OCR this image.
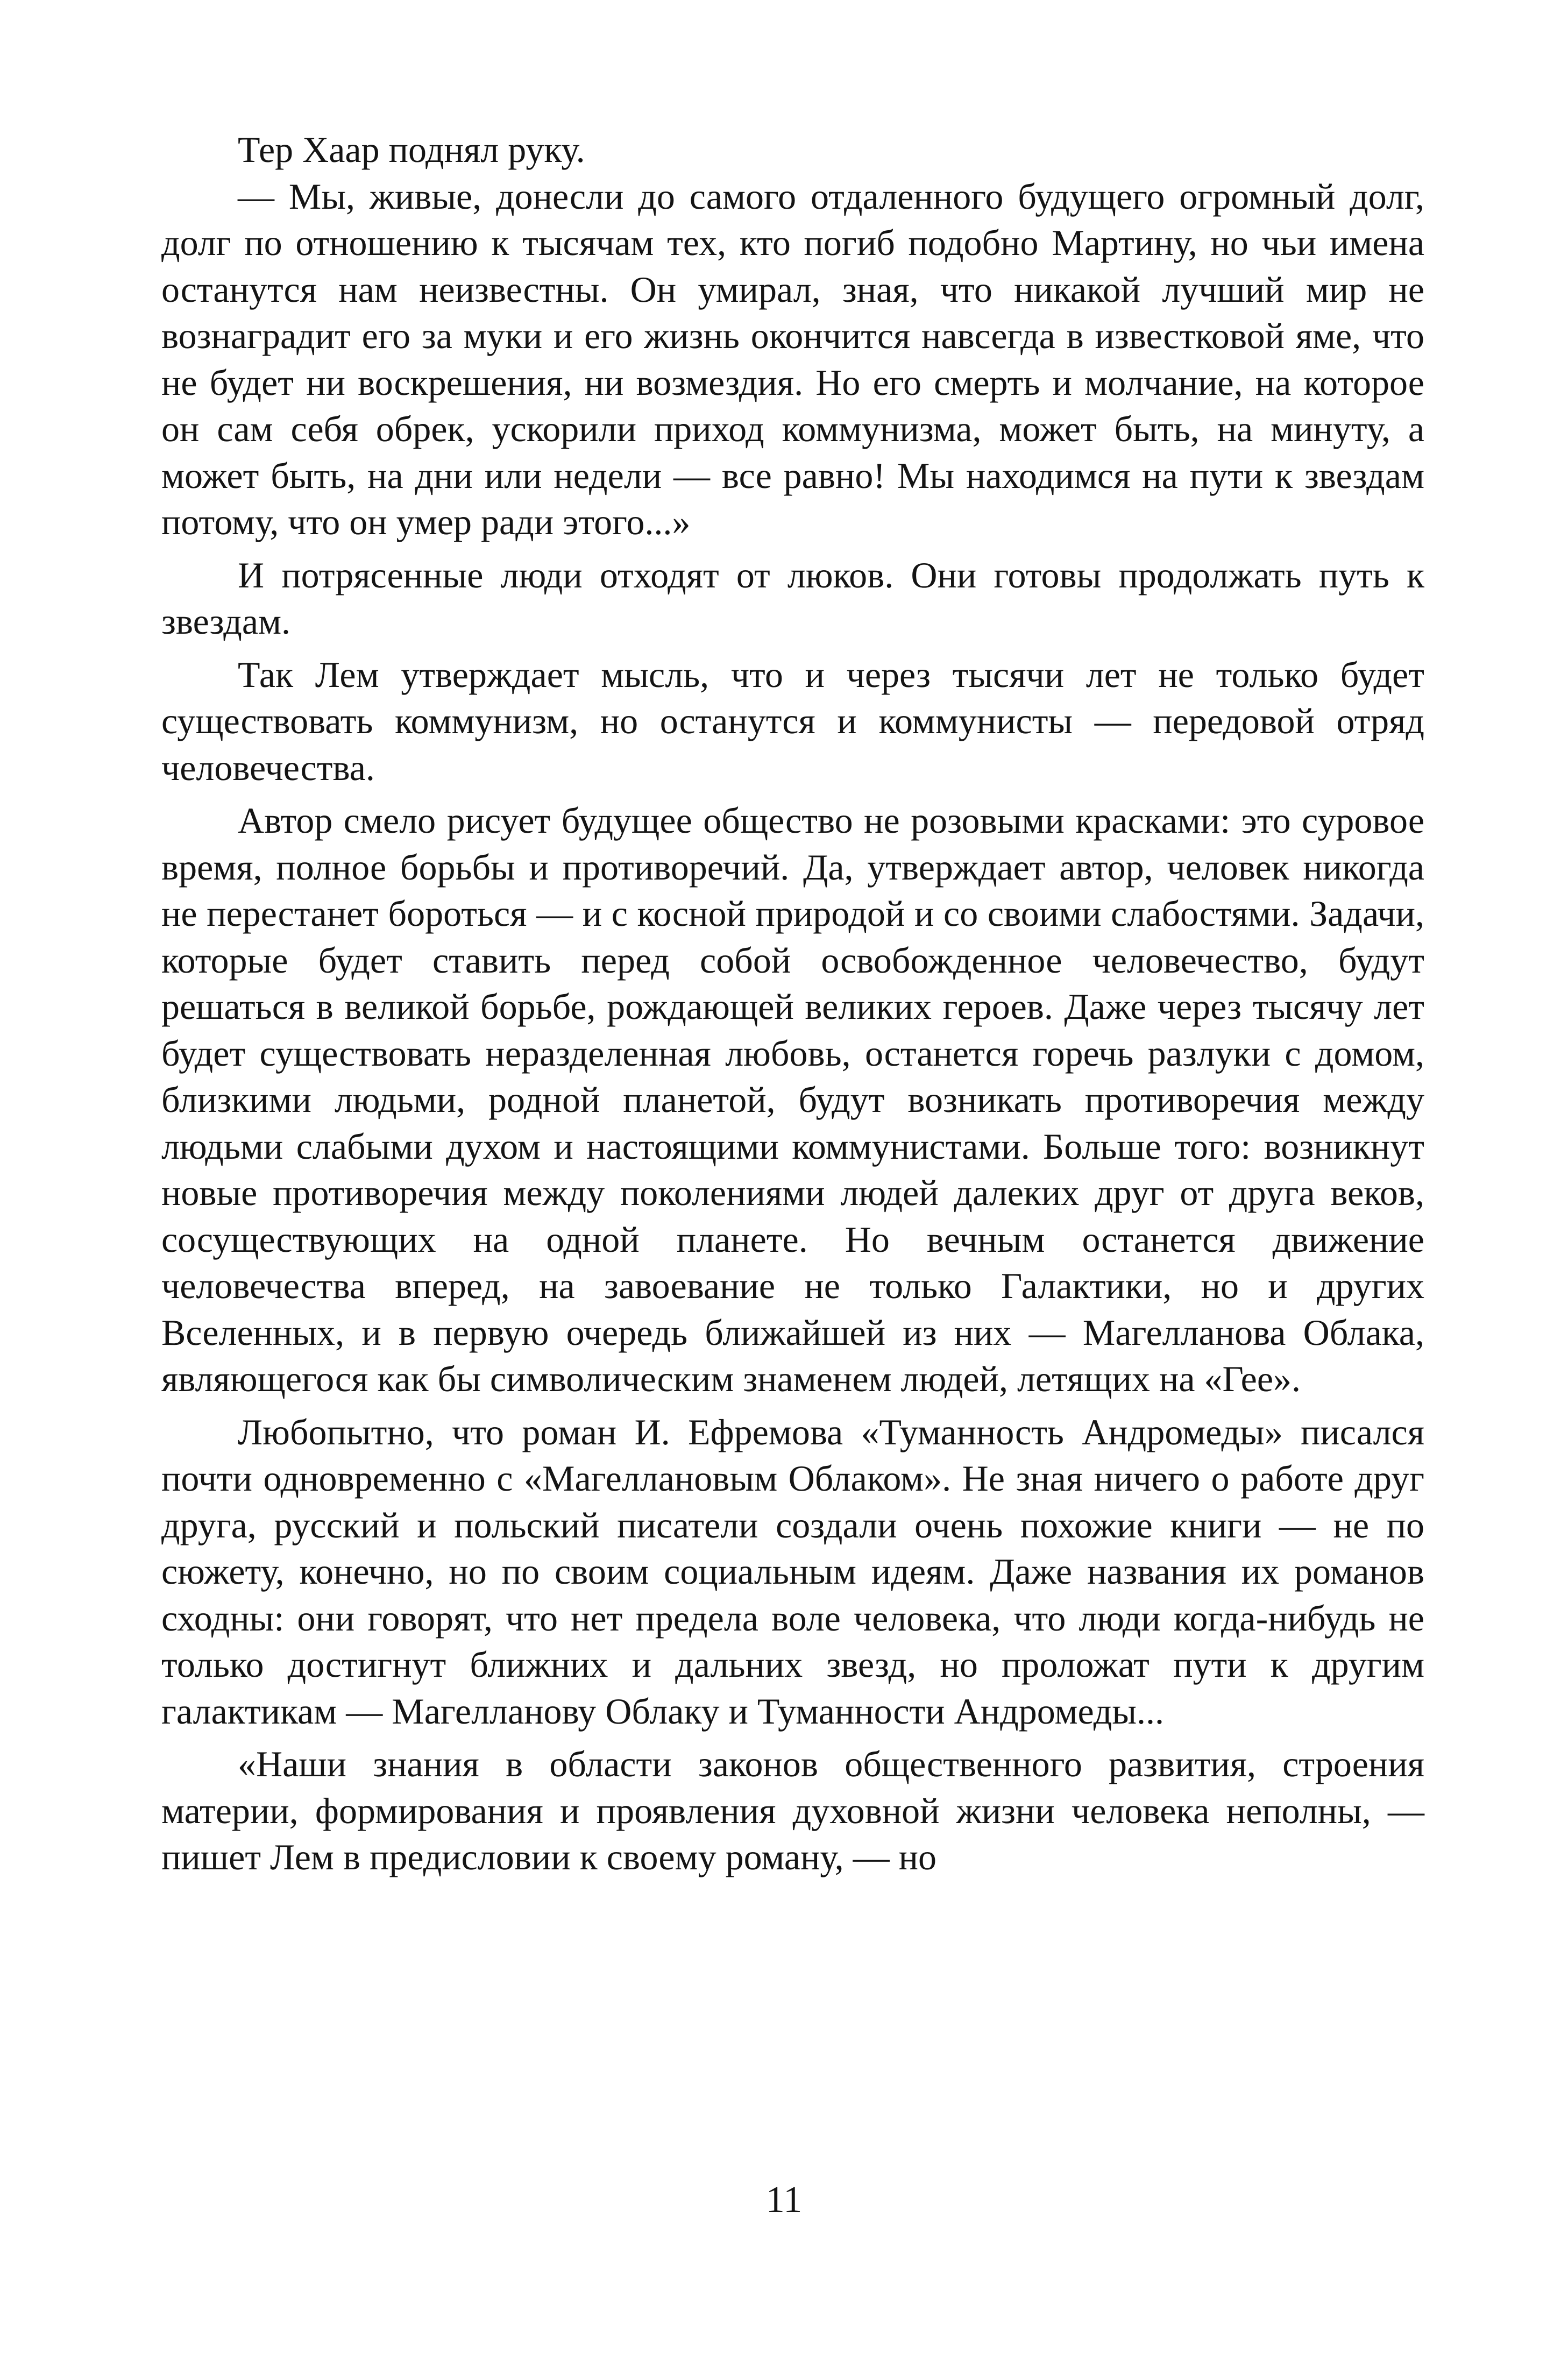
Тер Хаар поднял руку.

— Мы, живые, донесли до самого отдаленного будущего огромный долг, долг по отношению к тысячам тех, кто погиб подобно Мартину, но чьи имена останутся нам неизвестны. Он умирал, зная, что никакой лучший мир не вознаградит его за муки и его жизнь окончится навсегда в известковой яме, что не будет ни воскрешения, ни возмездия. Но его смерть и молчание, на которое он сам себя обрек, ускорили приход коммунизма, может быть, на минуту, а может быть, на дни или недели — все равно! Мы находимся на пути к звездам потому, что он умер ради этого...»

И потрясенные люди отходят от люков. Они готовы продолжать путь к звездам.

Так Лем утверждает мысль, что и через тысячи лет не только будет существовать коммунизм, но останутся и коммунисты — передовой отряд человечества.

Автор смело рисует будущее общество не розовыми красками: это суровое время, полное борьбы и противоречий. Да, утверждает автор, человек никогда не перестанет бороться — и с косной природой и со своими слабостями. Задачи, которые будет ставить перед собой освобожденное человечество, будут решаться в великой борьбе, рождающей великих героев. Даже через тысячу лет будет существовать неразделенная любовь, останется горечь разлуки с домом, близкими людьми, родной планетой, будут возникать противоречия между людьми слабыми духом и настоящими коммунистами. Больше того: возникнут новые противоречия между поколениями людей далеких друг от друга веков, сосуществующих на одной планете. Но вечным останется движение человечества вперед, на завоевание не только Галактики, но и других Вселенных, и в первую очередь ближайшей из них — Магелланова Облака, являющегося как бы символическим знаменем людей, летящих на «Гее».

Любопытно, что роман И. Ефремова «Туманность Андромеды» писался почти одновременно с «Магеллановым Облаком». Не зная ничего о работе друг друга, русский и польский писатели создали очень похожие книги — не по сюжету, конечно, но по своим социальным идеям. Даже названия их романов сходны: они говорят, что нет предела воле человека, что люди когда-нибудь не только достигнут ближних и дальних звезд, но проложат пути к другим галактикам — Магелланову Облаку и Туманности Андромеды...

«Наши знания в области законов общественного развития, строения материи, формирования и проявления духовной жизни человека неполны, — пишет Лем в предисловии к своему роману, — но

11
